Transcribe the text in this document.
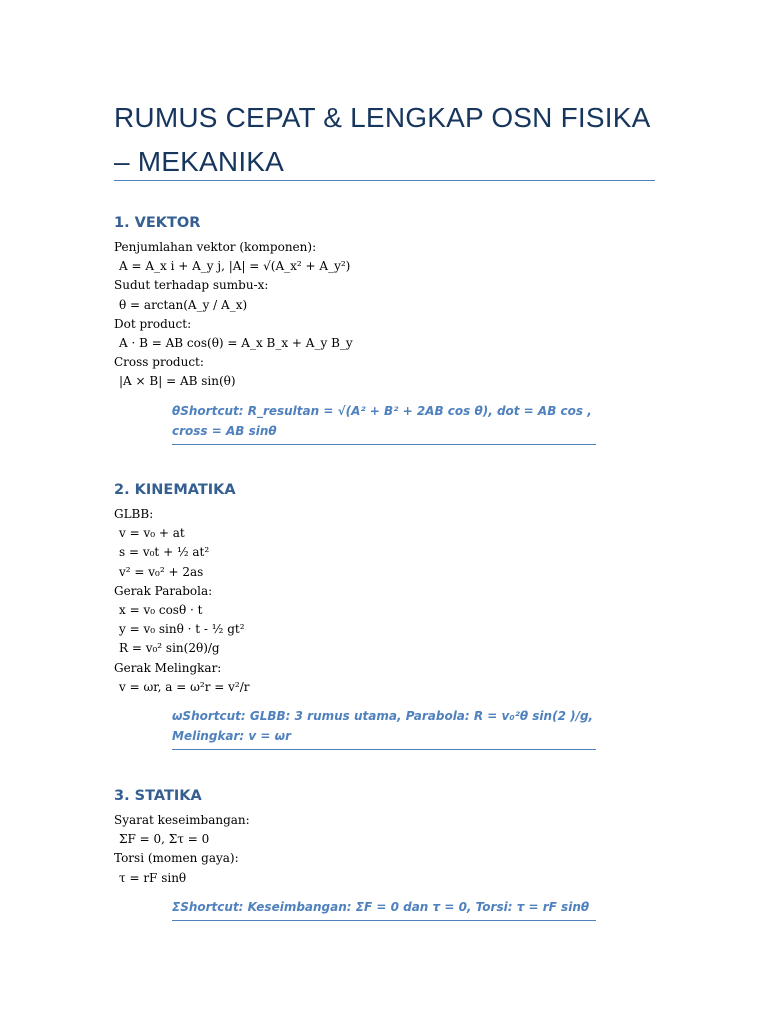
RUMUS CEPAT & LENGKAP OSN FISIKA – MEKANIKA
1. VEKTOR
Penjumlahan vektor (komponen):
A = A_x i + A_y j, |A| = √(A_x² + A_y²)
Sudut terhadap sumbu-x:
θ = arctan(A_y / A_x)
Dot product:
A · B = AB cos(θ) = A_x B_x + A_y B_y
Cross product:
|A × B| = AB sin(θ)
θShortcut: R_resultan = √(A² + B² + 2AB cos θ), dot = AB cos , cross = AB sinθ
2. KINEMATIKA
GLBB:
v = v₀ + at
s = v₀t + ½ at²
v² = v₀² + 2as
Gerak Parabola:
x = v₀ cosθ · t
y = v₀ sinθ · t - ½ gt²
R = v₀² sin(2θ)/g
Gerak Melingkar:
v = ωr, a = ω²r = v²/r
ωShortcut: GLBB: 3 rumus utama, Parabola: R = v₀²θ sin(2 )/g, Melingkar: v = ωr
3. STATIKA
Syarat keseimbangan:
ΣF = 0, Στ = 0
Torsi (momen gaya):
τ = rF sinθ
ΣShortcut: Keseimbangan: ΣF = 0 dan τ = 0, Torsi: τ = rF sinθ
